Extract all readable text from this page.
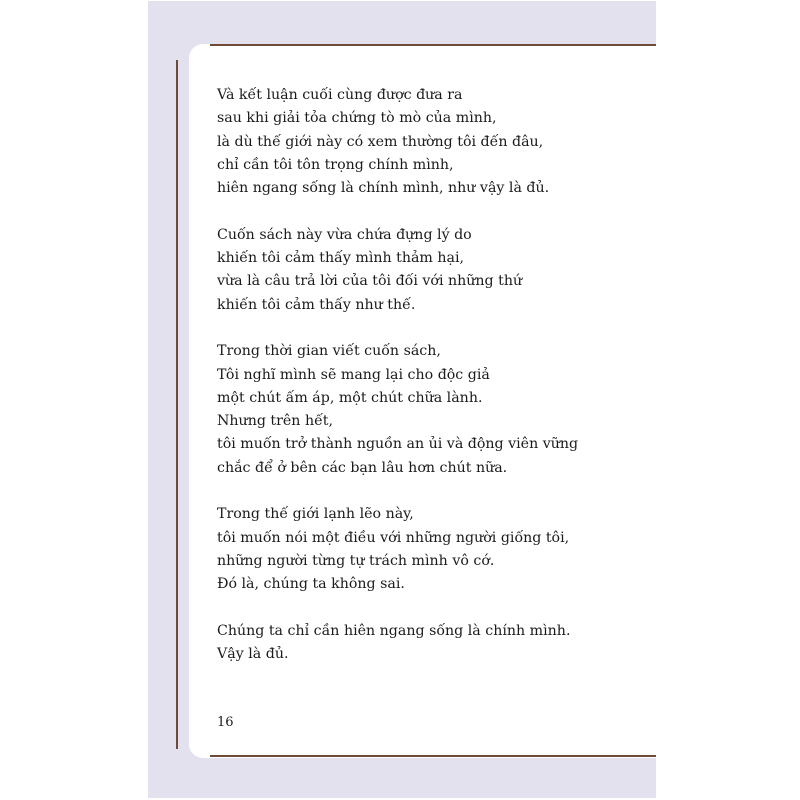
Và kết luận cuối cùng được đưa ra
sau khi giải tỏa chứng tò mò của mình,
là dù thế giới này có xem thường tôi đến đâu,
chỉ cần tôi tôn trọng chính mình,
hiên ngang sống là chính mình, như vậy là đủ.
Cuốn sách này vừa chứa đựng lý do
khiến tôi cảm thấy mình thảm hại,
vừa là câu trả lời của tôi đối với những thứ
khiến tôi cảm thấy như thế.
Trong thời gian viết cuốn sách,
Tôi nghĩ mình sẽ mang lại cho độc giả
một chút ấm áp, một chút chữa lành.
Nhưng trên hết,
tôi muốn trở thành nguồn an ủi và động viên vững
chắc để ở bên các bạn lâu hơn chút nữa.
Trong thế giới lạnh lẽo này,
tôi muốn nói một điều với những người giống tôi,
những người từng tự trách mình vô cớ.
Đó là, chúng ta không sai.
Chúng ta chỉ cần hiên ngang sống là chính mình.
Vậy là đủ.
16
